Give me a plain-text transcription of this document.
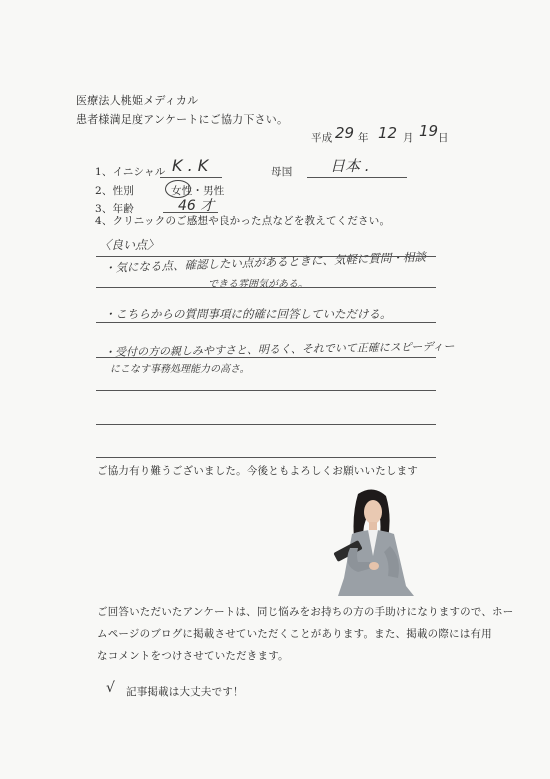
医療法人桃姫メディカル
患者様満足度アンケートにご協力下さい。
平成 29 年 12 月 19 日
1、イニシャル K . K	母国	日本 .
2、性別	女性・男性
3、年齢	46 才
4、クリニックのご感想や良かった点などを教えてください。
〈良い点〉
・気になる点、確認したい点があるときに、気軽に質問・相談
できる雰囲気がある。
・こちらからの質問事項に的確に回答していただける。
・受付の方の親しみやすさと、明るく、それでいて正確にスピーディー
にこなす事務処理能力の高さ。
ご協力有り難うございました。今後ともよろしくお願いいたします
ご回答いただいたアンケートは、同じ悩みをお持ちの方の手助けになりますので、ホー
ムページのブログに掲載させていただくことがあります。また、掲載の際には有用
なコメントをつけさせていただきます。
√ 記事掲載は大丈夫です！
